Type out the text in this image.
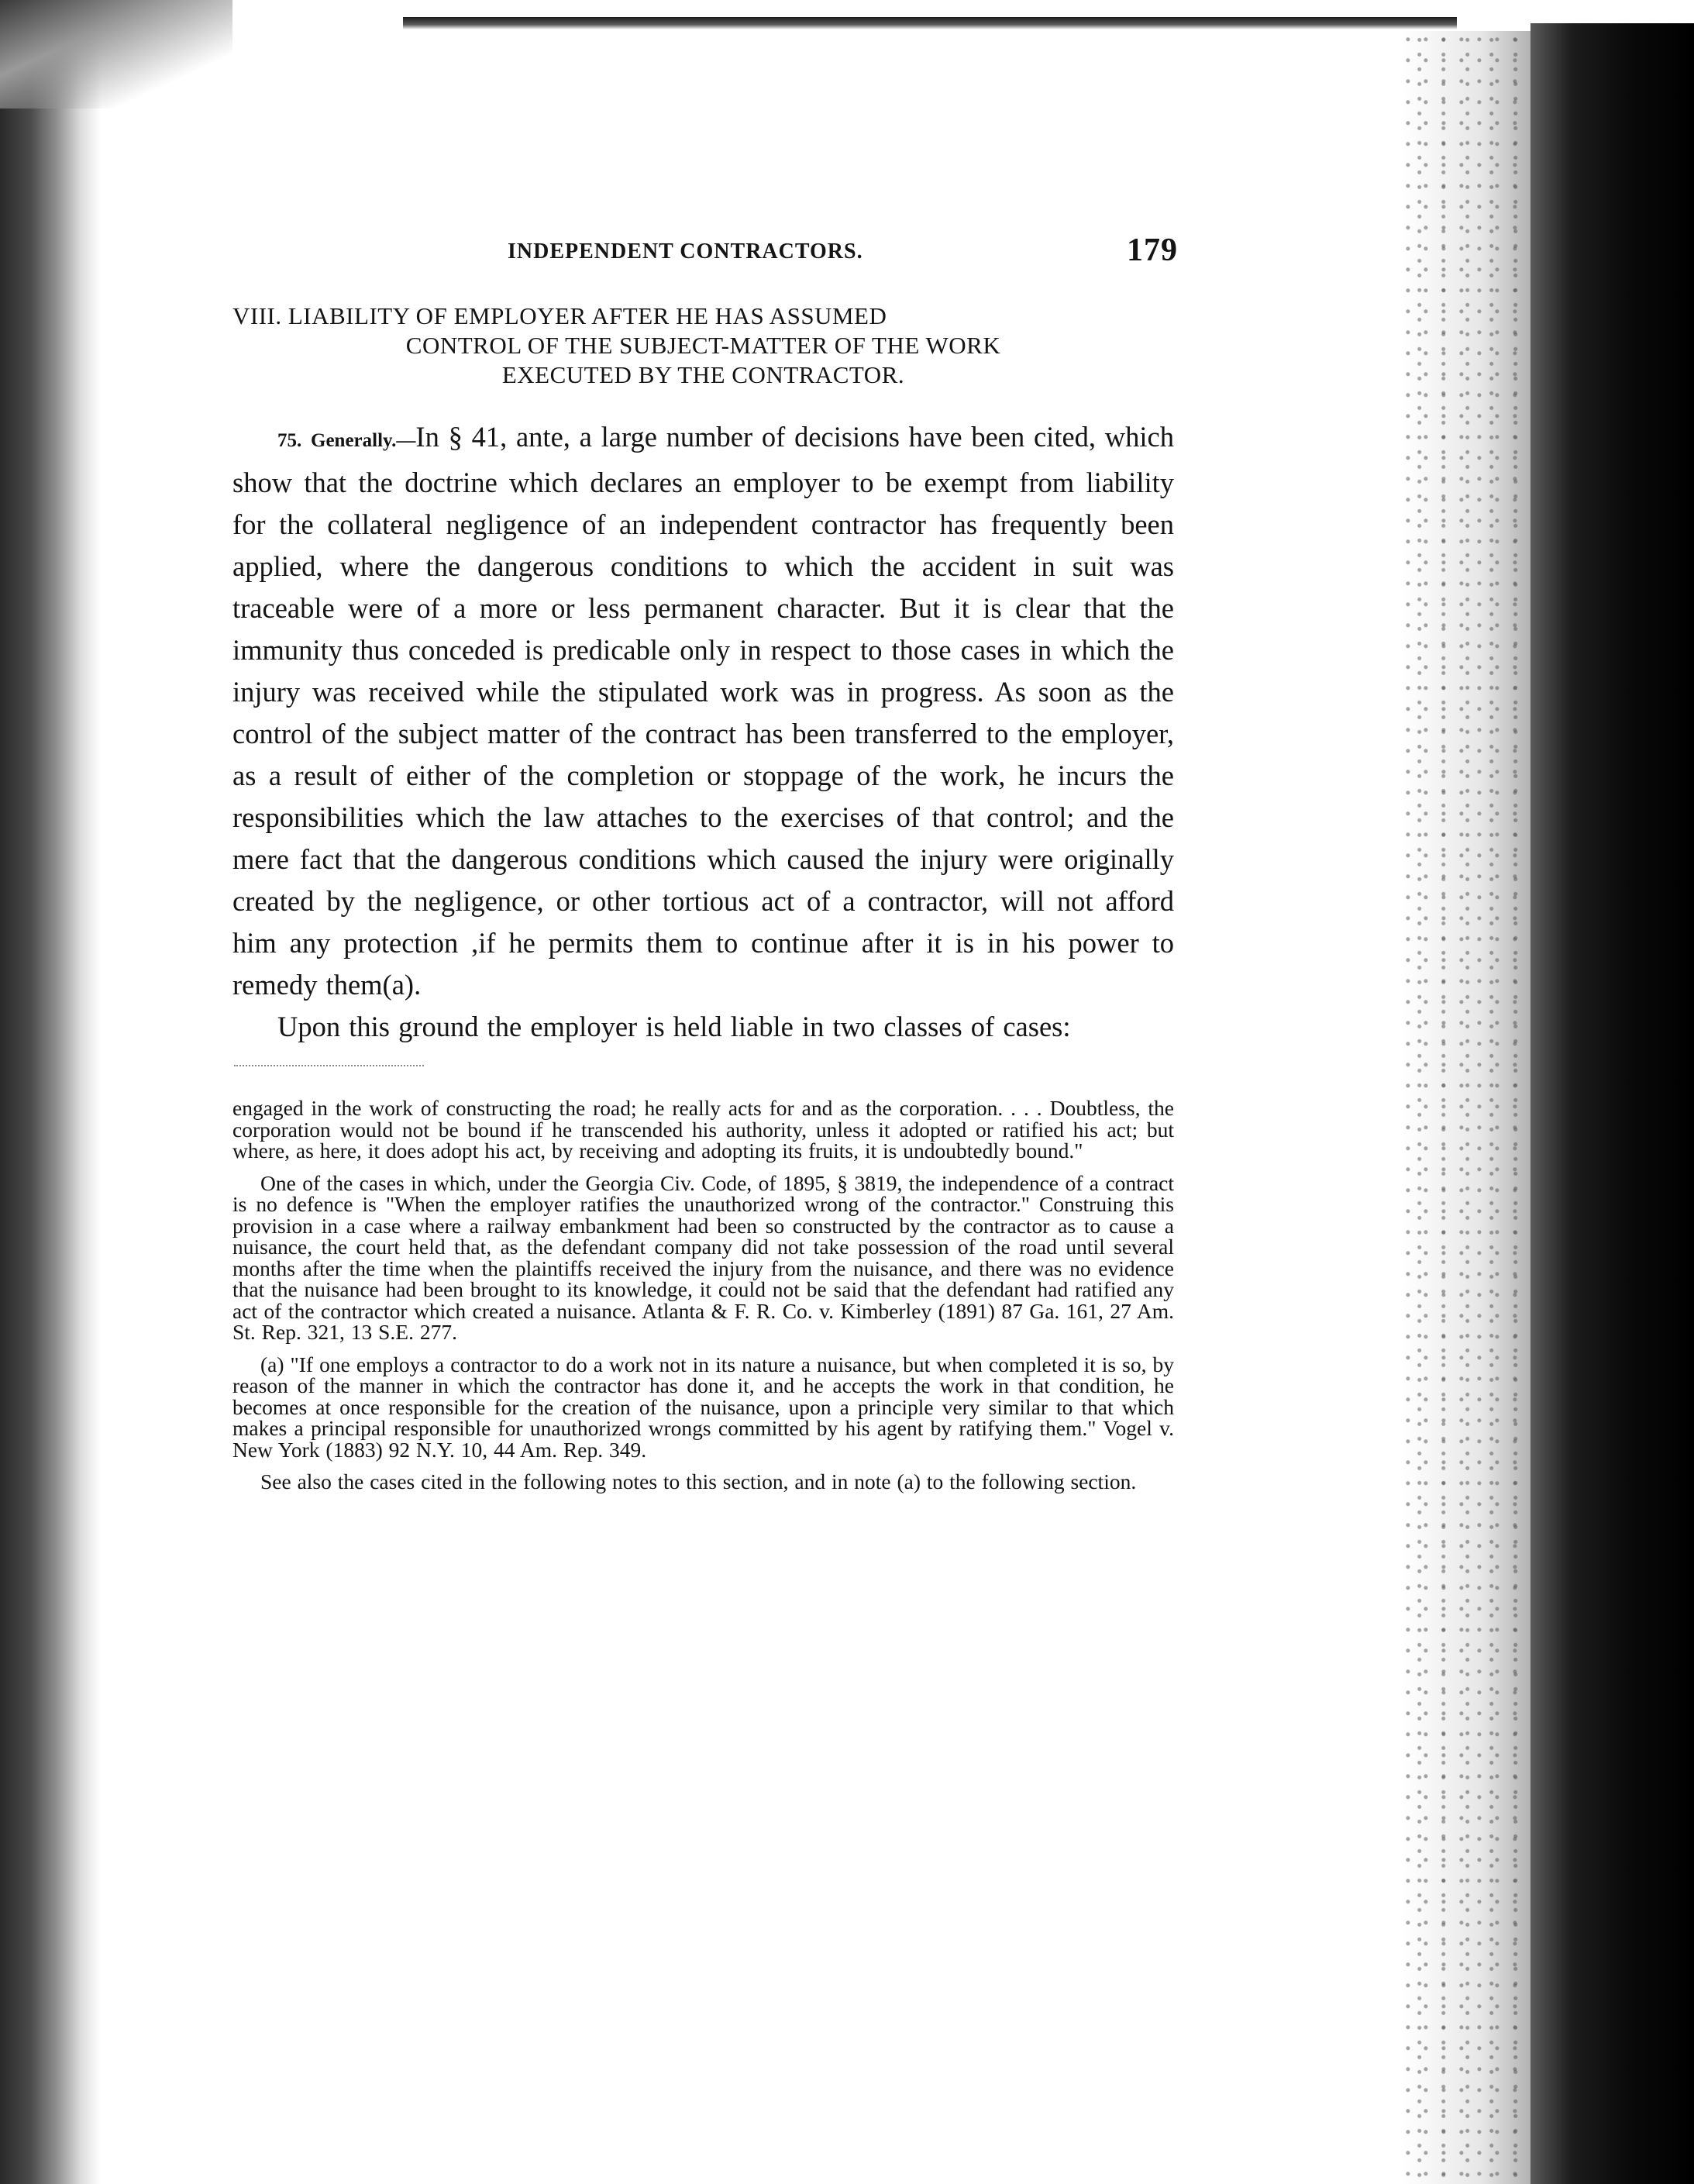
INDEPENDENT CONTRACTORS.	179
VIII. LIABILITY OF EMPLOYER AFTER HE HAS ASSUMED
CONTROL OF THE SUBJECT-MATTER OF THE WORK
EXECUTED BY THE CONTRACTOR.

75. Generally.—In § 41, ante, a large number of decisions have been cited, which show that the doctrine which declares an employer to be exempt from liability for the collateral negligence of an independent contractor has frequently been applied, where the dangerous conditions to which the accident in suit was traceable were of a more or less permanent character. But it is clear that the immunity thus conceded is predicable only in respect to those cases in which the injury was received while the stipulated work was in progress. As soon as the control of the subject matter of the contract has been transferred to the employer, as a result of either of the completion or stoppage of the work, he incurs the responsibilities which the law attaches to the exercises of that control; and the mere fact that the dangerous conditions which caused the injury were originally created by the negligence, or other tortious act of a contractor, will not afford him any protection ,if he permits them to continue after it is in his power to remedy them(a).

Upon this ground the employer is held liable in two classes of cases:

engaged in the work of constructing the road; he really acts for and as the corporation. . . . Doubtless, the corporation would not be bound if he transcended his authority, unless it adopted or ratified his act; but where, as here, it does adopt his act, by receiving and adopting its fruits, it is undoubtedly bound."

One of the cases in which, under the Georgia Civ. Code, of 1895, § 3819, the independence of a contract is no defence is "When the employer ratifies the unauthorized wrong of the contractor." Construing this provision in a case where a railway embankment had been so constructed by the contractor as to cause a nuisance, the court held that, as the defendant company did not take possession of the road until several months after the time when the plaintiffs received the injury from the nuisance, and there was no evidence that the nuisance had been brought to its knowledge, it could not be said that the defendant had ratified any act of the contractor which created a nuisance. Atlanta & F. R. Co. v. Kimberley (1891) 87 Ga. 161, 27 Am. St. Rep. 321, 13 S.E. 277.

(a) "If one employs a contractor to do a work not in its nature a nuisance, but when completed it is so, by reason of the manner in which the contractor has done it, and he accepts the work in that condition, he becomes at once responsible for the creation of the nuisance, upon a principle very similar to that which makes a principal responsible for unauthorized wrongs committed by his agent by ratifying them." Vogel v. New York (1883) 92 N.Y. 10, 44 Am. Rep. 349.

See also the cases cited in the following notes to this section, and in note (a) to the following section.
